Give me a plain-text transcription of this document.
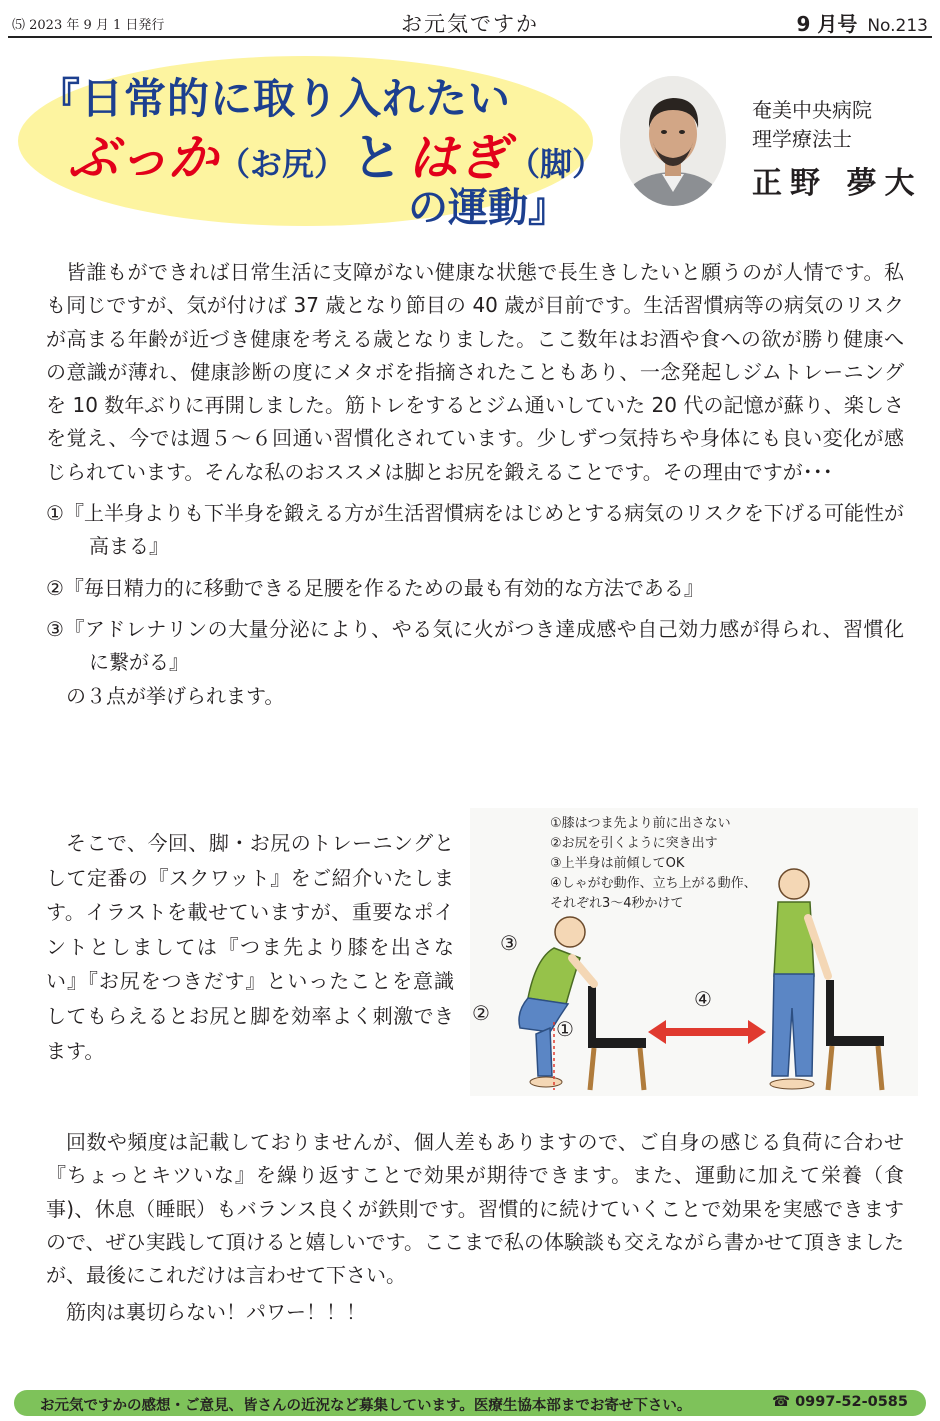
⑸ 2023 年 9 月 1 日発行	お元気ですか	9 月号 No.213
『日常的に取り入れたい
ぶっか（お尻） と はぎ（脚）
の運動』
奄美中央病院
理学療法士
正野 夢大

皆誰もができれば日常生活に支障がない健康な状態で長生きしたいと願うのが人情です。私も同じですが、気が付けば 37 歳となり節目の 40 歳が目前です。生活習慣病等の病気のリスクが高まる年齢が近づき健康を考える歳となりました。ここ数年はお酒や食への欲が勝り健康への意識が薄れ、健康診断の度にメタボを指摘されたこともあり、一念発起しジムトレーニングを 10 数年ぶりに再開しました。筋トレをするとジム通いしていた 20 代の記憶が蘇り、楽しさを覚え、今では週５～６回通い習慣化されています。少しずつ気持ちや身体にも良い変化が感じられています。そんな私のおススメは脚とお尻を鍛えることです。その理由ですが･･･

①『上半身よりも下半身を鍛える方が生活習慣病をはじめとする病気のリスクを下げる可能性が高まる』
②『毎日精力的に移動できる足腰を作るための最も有効的な方法である』
③『アドレナリンの大量分泌により、やる気に火がつき達成感や自己効力感が得られ、習慣化に繋がる』

の３点が挙げられます。

そこで、今回、脚・お尻のトレーニングとして定番の『スクワット』をご紹介いたします。イラストを載せていますが、重要なポイントとしましては『つま先より膝を出さない』『お尻をつきだす』といったことを意識してもらえるとお尻と脚を効率よく刺激できます。

①膝はつま先より前に出さない
②お尻を引くように突き出す
③上半身は前傾してOK
④しゃがむ動作、立ち上がる動作、
それぞれ3～4秒かけて
③
②
①
④

回数や頻度は記載しておりませんが、個人差もありますので、ご自身の感じる負荷に合わせ『ちょっとキツいな』を繰り返すことで効果が期待できます。また、運動に加えて栄養（食事)、休息（睡眠）もバランス良くが鉄則です。習慣的に続けていくことで効果を実感できますので、ぜひ実践して頂けると嬉しいです。ここまで私の体験談も交えながら書かせて頂きましたが、最後にこれだけは言わせて下さい。

筋肉は裏切らない！パワー！！！

お元気ですかの感想・ご意見、皆さんの近況など募集しています。医療生協本部までお寄せ下さい。	☎ 0997-52-0585
